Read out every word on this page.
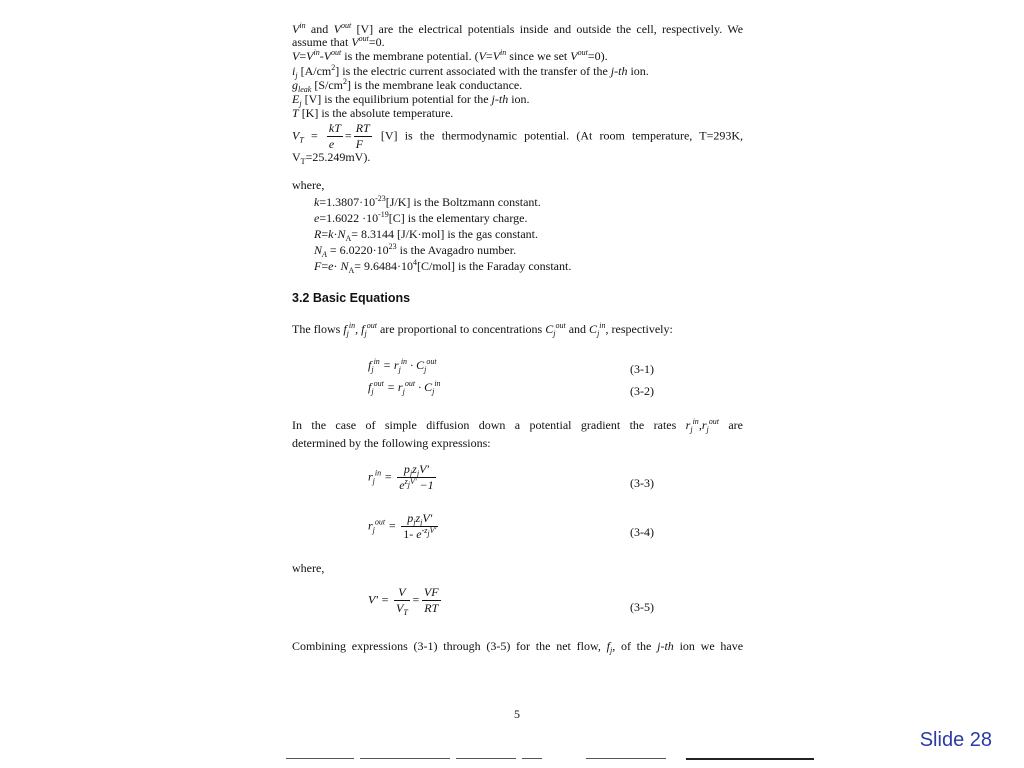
$V^{in}$ and $V^{out}$ [V] are the electrical potentials inside and outside the cell, respectively. We
assume that $V^{out}=0$.
$V=V^{in}-V^{out}$ is the membrane potential. ($V=V^{in}$ since we set $V^{out}=0$).
$i_j$ $[A/cm^2]$ is the electric current associated with the transfer of the j-th ion.
$g_{leak}$ $[S/cm^2]$ is the membrane leak conductance.
$E_j$ [V] is the equilibrium potential for the j-th ion.
T [K] is the absolute temperature.
$V_T = \frac{kT}{e} = \frac{RT}{F} [V]$ is the thermodynamic potential. (At room temperature, T=293K,
$V_T=25.249mV$).
where,
$k=1.3807\cdot 10^{-23}[J/K]$ is the Boltzmann constant.
$e=1.6022 \cdot 10^{-19}[C]$ is the elementary charge.
$R=k\cdot N_A= 8.3144$ [J/K·mol] is the gas constant.
$N_A = 6.0220\cdot 10^{23}$ is the Avagadro number.
$F=e\cdot N_A= 9.6484\cdot 10^4[C/mol]$ is the Faraday constant.
3.2 Basic Equations
The flows $f_j^{in}$, $f_j^{out}$ are proportional to concentrations $C_j^{out}$ and $C_j^{in}$, respectively:
$f_j^{in} = r_j^{in} \cdot C_j^{out}$
(3-1)
$f_j^{out} = r_j^{out} \cdot C_j^{in}$
(3-2)
In the case of simple diffusion down a potential gradient the rates $r_j^{in},r_j^{out}$ are
determined by the following expressions:
$r_j^{in} = \frac{p_jz_jV'}{e^{z_jV'} -1}$	(3-3)
$r_j^{out} = \frac{p_jz_jV'}{1- e^{-z_jV'}}$	(3-4)
where,
$V' = \frac{V}{V_T} = \frac{VF}{RT}$	(3-5)
Combining expressions (3-1) through (3-5) for the net flow, $f_j$, of the j-th ion we have
5
Slide 28
